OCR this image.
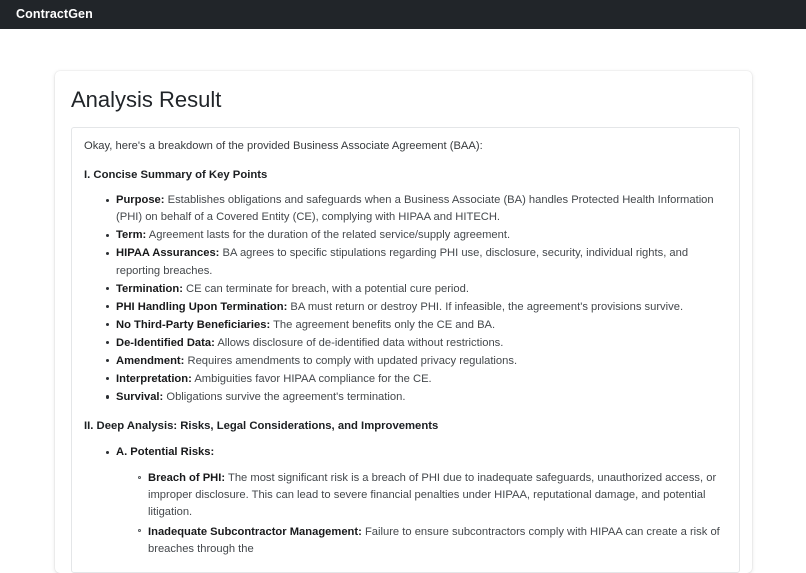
ContractGen
Analysis Result

Okay, here's a breakdown of the provided Business Associate Agreement (BAA):

I. Concise Summary of Key Points
Purpose: Establishes obligations and safeguards when a Business Associate (BA) handles Protected Health Information (PHI) on behalf of a Covered Entity (CE), complying with HIPAA and HITECH.
Term: Agreement lasts for the duration of the related service/supply agreement.
HIPAA Assurances: BA agrees to specific stipulations regarding PHI use, disclosure, security, individual rights, and reporting breaches.
Termination: CE can terminate for breach, with a potential cure period.
PHI Handling Upon Termination: BA must return or destroy PHI. If infeasible, the agreement's provisions survive.
No Third-Party Beneficiaries: The agreement benefits only the CE and BA.
De-Identified Data: Allows disclosure of de-identified data without restrictions.
Amendment: Requires amendments to comply with updated privacy regulations.
Interpretation: Ambiguities favor HIPAA compliance for the CE.
Survival: Obligations survive the agreement's termination.
II. Deep Analysis: Risks, Legal Considerations, and Improvements
A. Potential Risks:
Breach of PHI: The most significant risk is a breach of PHI due to inadequate safeguards, unauthorized access, or improper disclosure. This can lead to severe financial penalties under HIPAA, reputational damage, and potential litigation.
Inadequate Subcontractor Management: Failure to ensure subcontractors comply with HIPAA can create a risk of breaches through the
